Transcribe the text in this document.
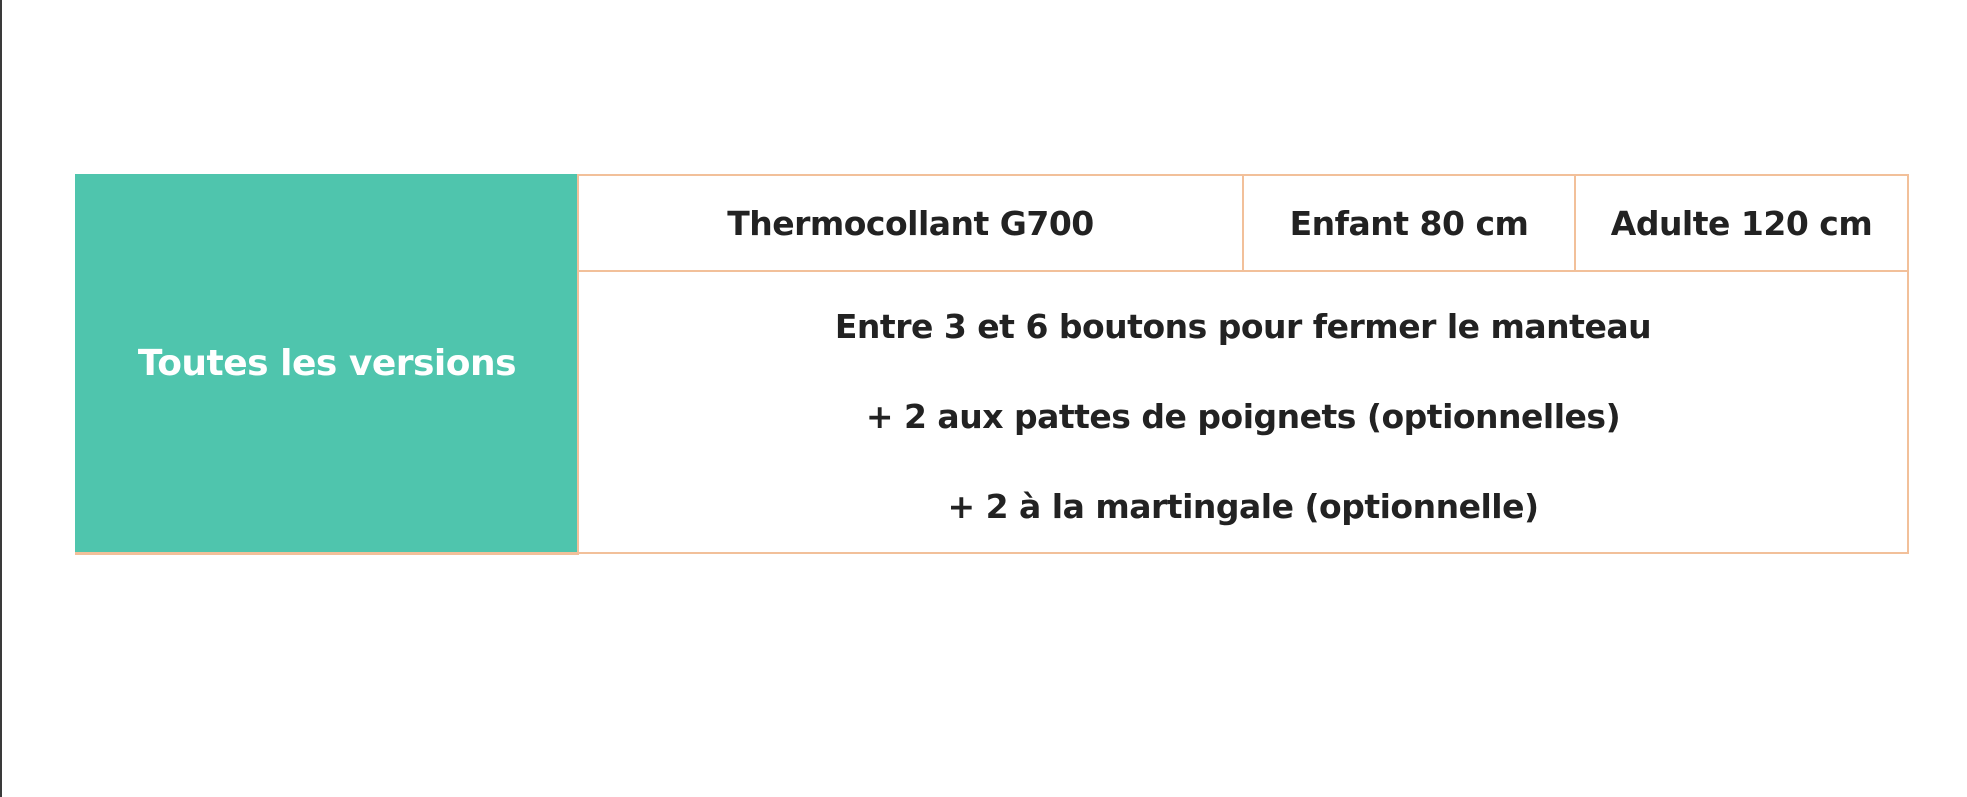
Toutes les versions	Thermocollant G700	Enfant 80 cm	Adulte 120 cm

Entre 3 et 6 boutons pour fermer le manteau
+ 2 aux pattes de poignets (optionnelles)
+ 2 à la martingale (optionnelle)
